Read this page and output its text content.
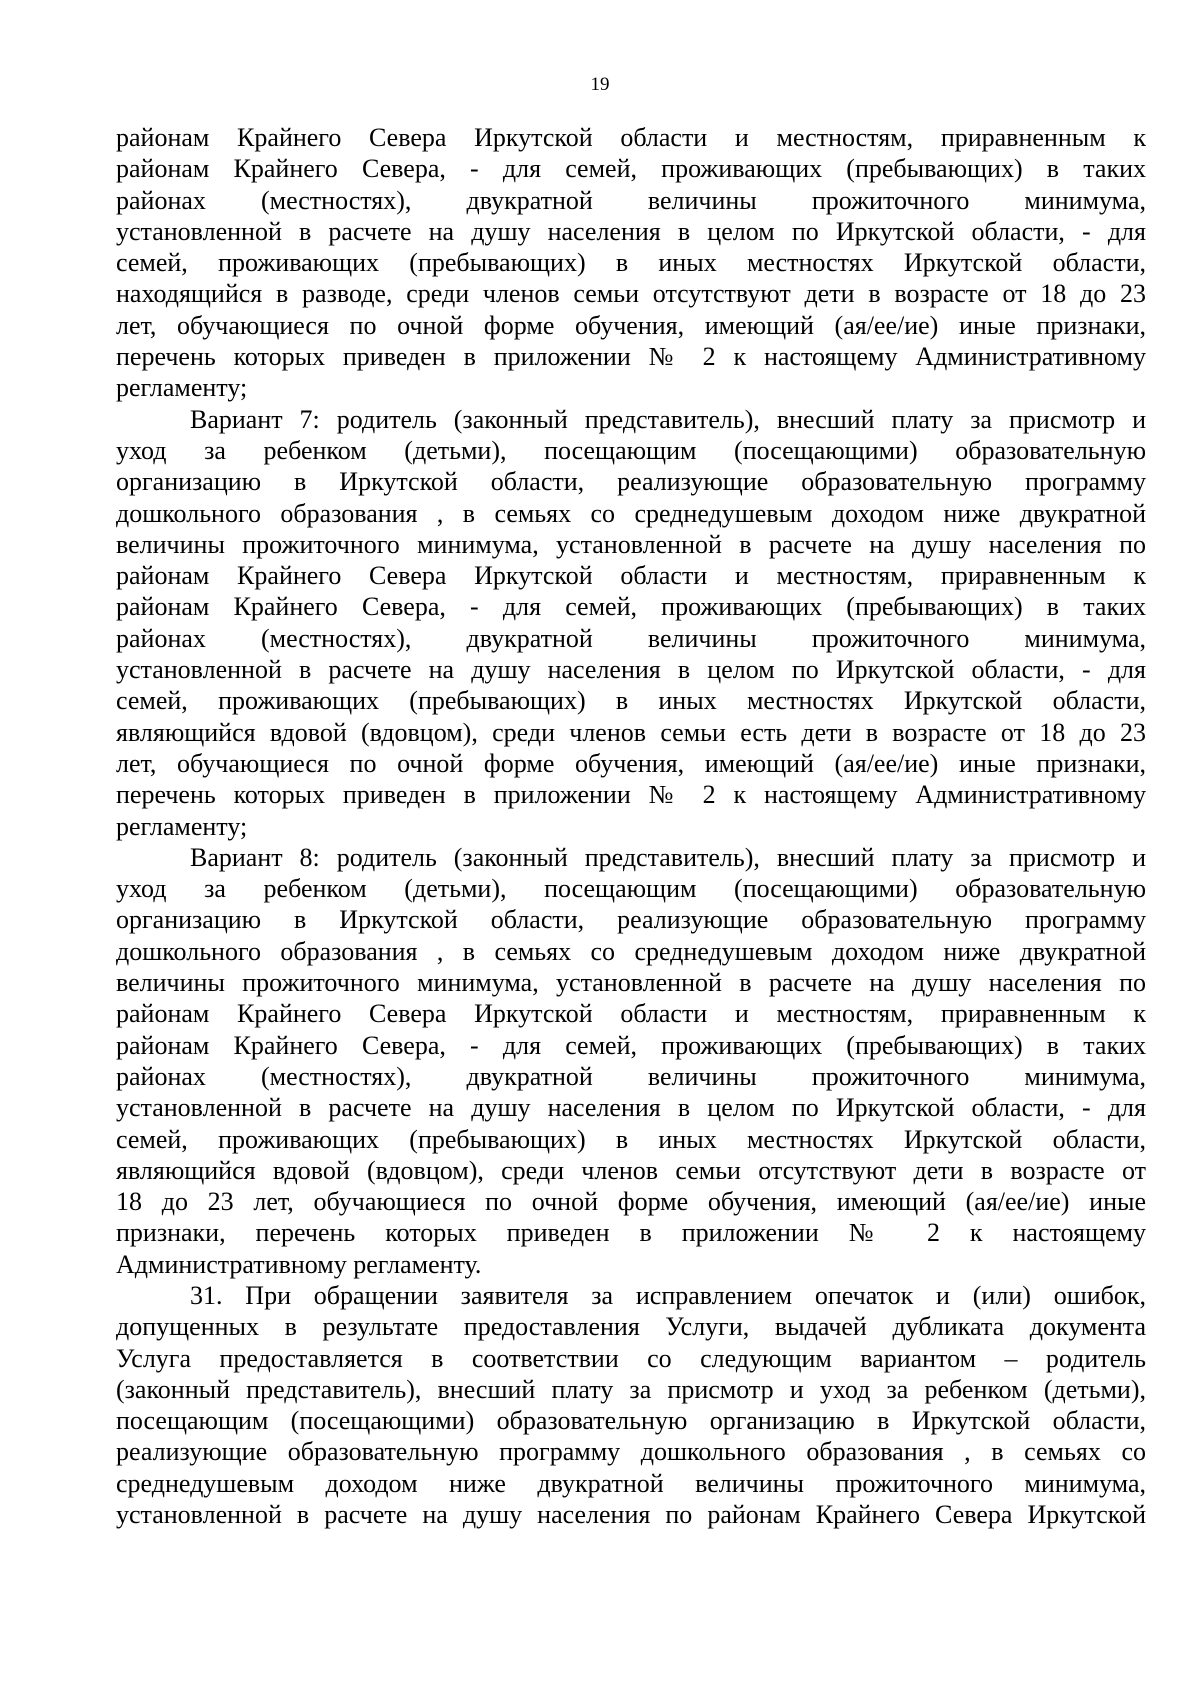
19
районам Крайнего Севера Иркутской области и местностям, приравненным к
районам Крайнего Севера, - для семей, проживающих (пребывающих) в таких
районах (местностях), двукратной величины прожиточного минимума,
установленной в расчете на душу населения в целом по Иркутской области, - для
семей, проживающих (пребывающих) в иных местностях Иркутской области,
находящийся в разводе, среди членов семьи отсутствуют дети в возрасте от 18 до 23
лет, обучающиеся по очной форме обучения, имеющий (ая/ее/ие) иные признаки,
перечень которых приведен в приложении № 2 к настоящему Административному
регламенту;
Вариант 7: родитель (законный представитель), внесший плату за присмотр и
уход за ребенком (детьми), посещающим (посещающими) образовательную
организацию в Иркутской области, реализующие образовательную программу
дошкольного образования , в семьях со среднедушевым доходом ниже двукратной
величины прожиточного минимума, установленной в расчете на душу населения по
районам Крайнего Севера Иркутской области и местностям, приравненным к
районам Крайнего Севера, - для семей, проживающих (пребывающих) в таких
районах (местностях), двукратной величины прожиточного минимума,
установленной в расчете на душу населения в целом по Иркутской области, - для
семей, проживающих (пребывающих) в иных местностях Иркутской области,
являющийся вдовой (вдовцом), среди членов семьи есть дети в возрасте от 18 до 23
лет, обучающиеся по очной форме обучения, имеющий (ая/ее/ие) иные признаки,
перечень которых приведен в приложении № 2 к настоящему Административному
регламенту;
Вариант 8: родитель (законный представитель), внесший плату за присмотр и
уход за ребенком (детьми), посещающим (посещающими) образовательную
организацию в Иркутской области, реализующие образовательную программу
дошкольного образования , в семьях со среднедушевым доходом ниже двукратной
величины прожиточного минимума, установленной в расчете на душу населения по
районам Крайнего Севера Иркутской области и местностям, приравненным к
районам Крайнего Севера, - для семей, проживающих (пребывающих) в таких
районах (местностях), двукратной величины прожиточного минимума,
установленной в расчете на душу населения в целом по Иркутской области, - для
семей, проживающих (пребывающих) в иных местностях Иркутской области,
являющийся вдовой (вдовцом), среди членов семьи отсутствуют дети в возрасте от
18 до 23 лет, обучающиеся по очной форме обучения, имеющий (ая/ее/ие) иные
признаки, перечень которых приведен в приложении № 2 к настоящему
Административному регламенту.
31. При обращении заявителя за исправлением опечаток и (или) ошибок,
допущенных в результате предоставления Услуги, выдачей дубликата документа
Услуга предоставляется в соответствии со следующим вариантом – родитель
(законный представитель), внесший плату за присмотр и уход за ребенком (детьми),
посещающим (посещающими) образовательную организацию в Иркутской области,
реализующие образовательную программу дошкольного образования , в семьях со
среднедушевым доходом ниже двукратной величины прожиточного минимума,
установленной в расчете на душу населения по районам Крайнего Севера Иркутской
